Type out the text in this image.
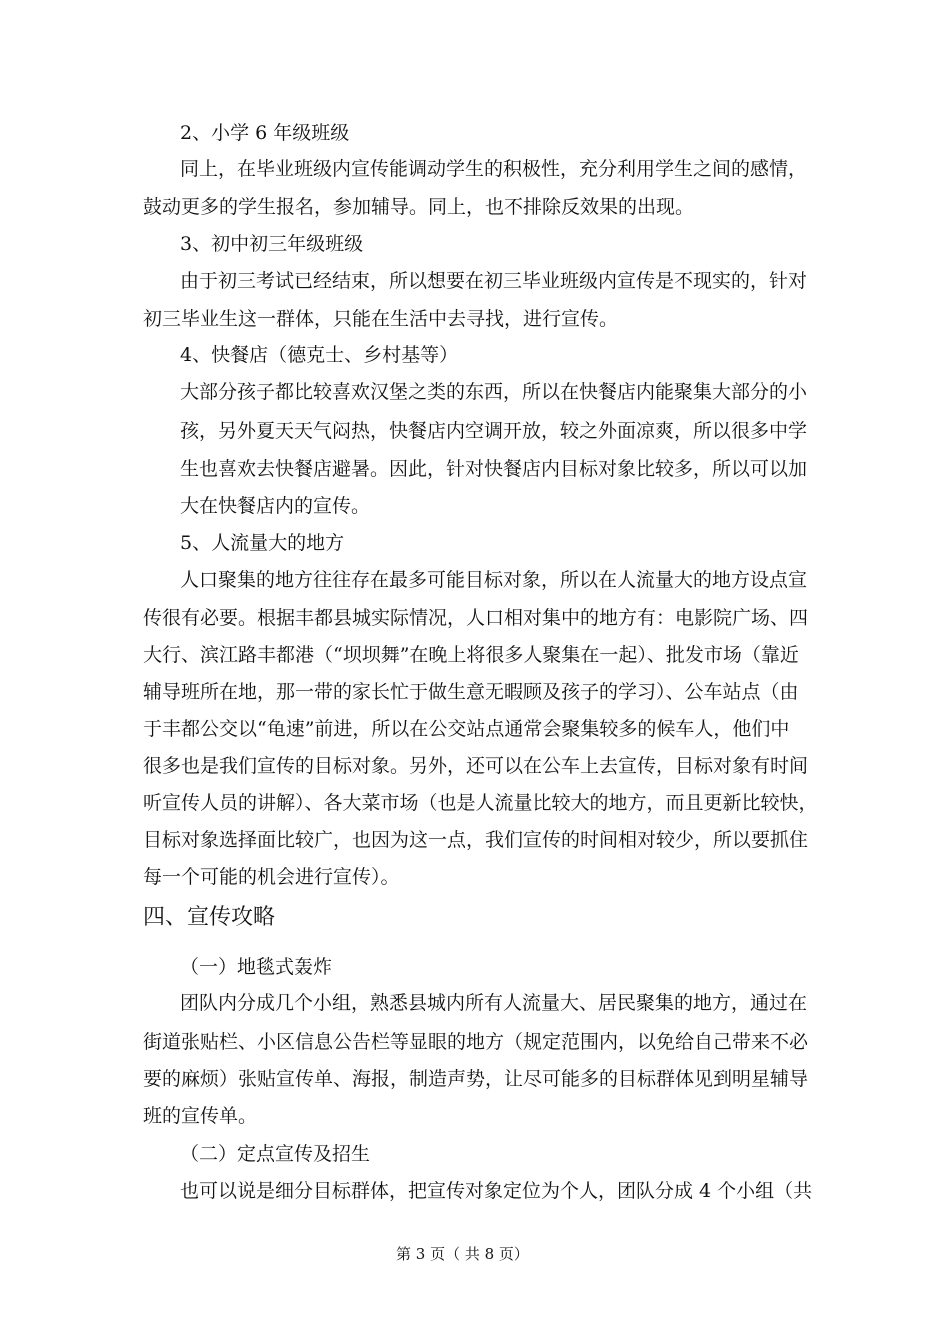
2、小学 6 年级班级
同上，在毕业班级内宣传能调动学生的积极性，充分利用学生之间的感情，
鼓动更多的学生报名，参加辅导。同上，也不排除反效果的出现。
3、初中初三年级班级
由于初三考试已经结束，所以想要在初三毕业班级内宣传是不现实的，针对
初三毕业生这一群体，只能在生活中去寻找，进行宣传。
4、快餐店（德克士、乡村基等）
大部分孩子都比较喜欢汉堡之类的东西，所以在快餐店内能聚集大部分的小
孩，另外夏天天气闷热，快餐店内空调开放，较之外面凉爽，所以很多中学
生也喜欢去快餐店避暑。因此，针对快餐店内目标对象比较多，所以可以加
大在快餐店内的宣传。
5、人流量大的地方
人口聚集的地方往往存在最多可能目标对象，所以在人流量大的地方设点宣
传很有必要。根据丰都县城实际情况，人口相对集中的地方有：电影院广场、四
大行、滨江路丰都港（“坝坝舞”在晚上将很多人聚集在一起）、批发市场（靠近
辅导班所在地，那一带的家长忙于做生意无暇顾及孩子的学习）、公车站点（由
于丰都公交以“龟速”前进，所以在公交站点通常会聚集较多的候车人，他们中
很多也是我们宣传的目标对象。另外，还可以在公车上去宣传，目标对象有时间
听宣传人员的讲解）、各大菜市场（也是人流量比较大的地方，而且更新比较快，
目标对象选择面比较广，也因为这一点，我们宣传的时间相对较少，所以要抓住
每一个可能的机会进行宣传）。
四、宣传攻略
（一）地毯式轰炸
团队内分成几个小组，熟悉县城内所有人流量大、居民聚集的地方，通过在
街道张贴栏、小区信息公告栏等显眼的地方（规定范围内，以免给自己带来不必
要的麻烦）张贴宣传单、海报，制造声势，让尽可能多的目标群体见到明星辅导
班的宣传单。
（二）定点宣传及招生
也可以说是细分目标群体，把宣传对象定位为个人，团队分成 4 个小组（共
第 3 页（ 共 8 页）
